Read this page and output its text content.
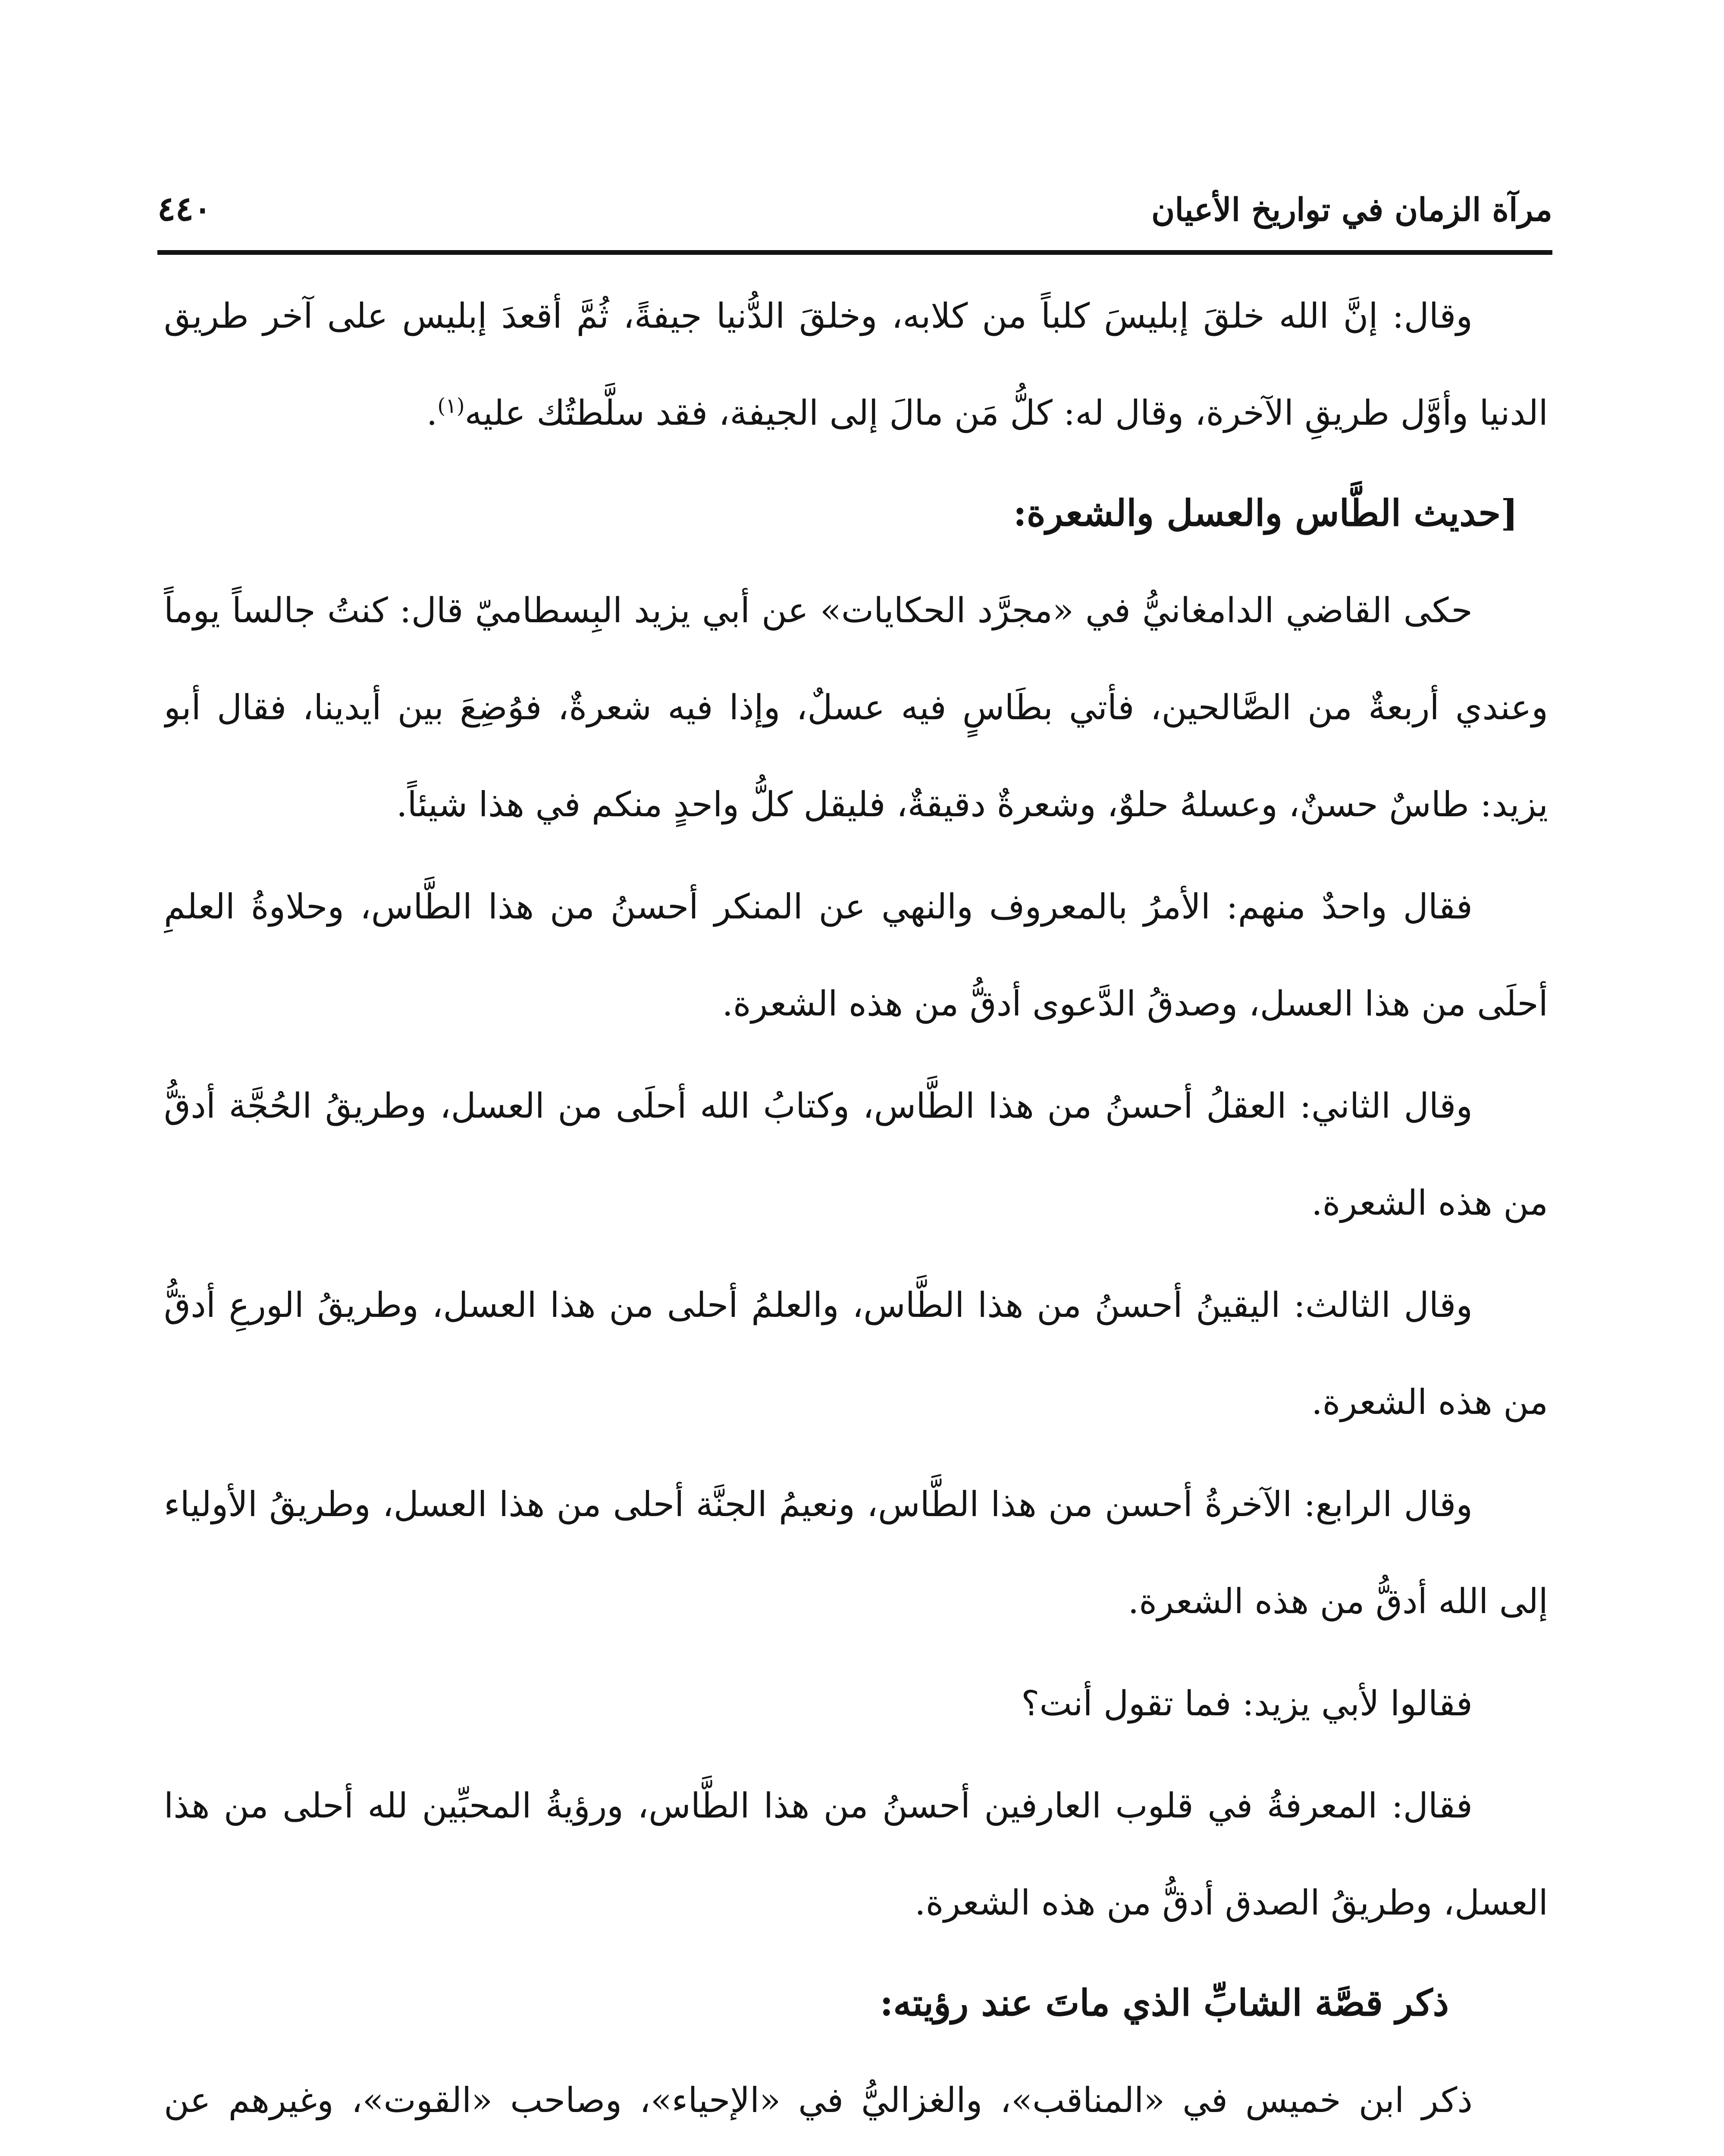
٤٤٠	مرآة الزمان في تواريخ الأعيان

وقال: إنَّ الله خلقَ إبليسَ كلباً من كلابه، وخلقَ الدُّنيا جيفةً، ثُمَّ أقعدَ إبليس على آخر طريق الدنيا وأوَّل طريقِ الآخرة، وقال له: كلُّ مَن مالَ إلى الجيفة، فقد سلَّطتُك عليه$^{(١)}$.

[حديث الطَّاس والعسل والشعرة:

حكى القاضي الدامغانيُّ في «مجرَّد الحكايات» عن أبي يزيد البِسطاميّ قال: كنتُ جالساً يوماً وعندي أربعةٌ من الصَّالحين، فأتي بطَاسٍ فيه عسلٌ، وإذا فيه شعرةٌ، فوُضِعَ بين أيدينا، فقال أبو يزيد: طاسٌ حسنٌ، وعسلهُ حلوٌ، وشعرةٌ دقيقةٌ، فليقل كلُّ واحدٍ منكم في هذا شيئاً.

فقال واحدٌ منهم: الأمرُ بالمعروف والنهي عن المنكر أحسنُ من هذا الطَّاس، وحلاوةُ العلمِ أحلَى من هذا العسل، وصدقُ الدَّعوى أدقُّ من هذه الشعرة.

وقال الثاني: العقلُ أحسنُ من هذا الطَّاس، وكتابُ الله أحلَى من العسل، وطريقُ الحُجَّة أدقُّ من هذه الشعرة.

وقال الثالث: اليقينُ أحسنُ من هذا الطَّاس، والعلمُ أحلى من هذا العسل، وطريقُ الورعِ أدقُّ من هذه الشعرة.

وقال الرابع: الآخرةُ أحسن من هذا الطَّاس، ونعيمُ الجنَّة أحلى من هذا العسل، وطريقُ الأولياء إلى الله أدقُّ من هذه الشعرة.

فقالوا لأبي يزيد: فما تقول أنت؟

فقال: المعرفةُ في قلوب العارفين أحسنُ من هذا الطَّاس، ورؤيةُ المحبِّين لله أحلى من هذا العسل، وطريقُ الصدق أدقُّ من هذه الشعرة.

ذكر قصَّة الشابِّ الذي ماتَ عند رؤيته:

ذكر ابن خميس في «المناقب»، والغزاليُّ في «الإحياء»، وصاحب «القوت»، وغيرهم عن
